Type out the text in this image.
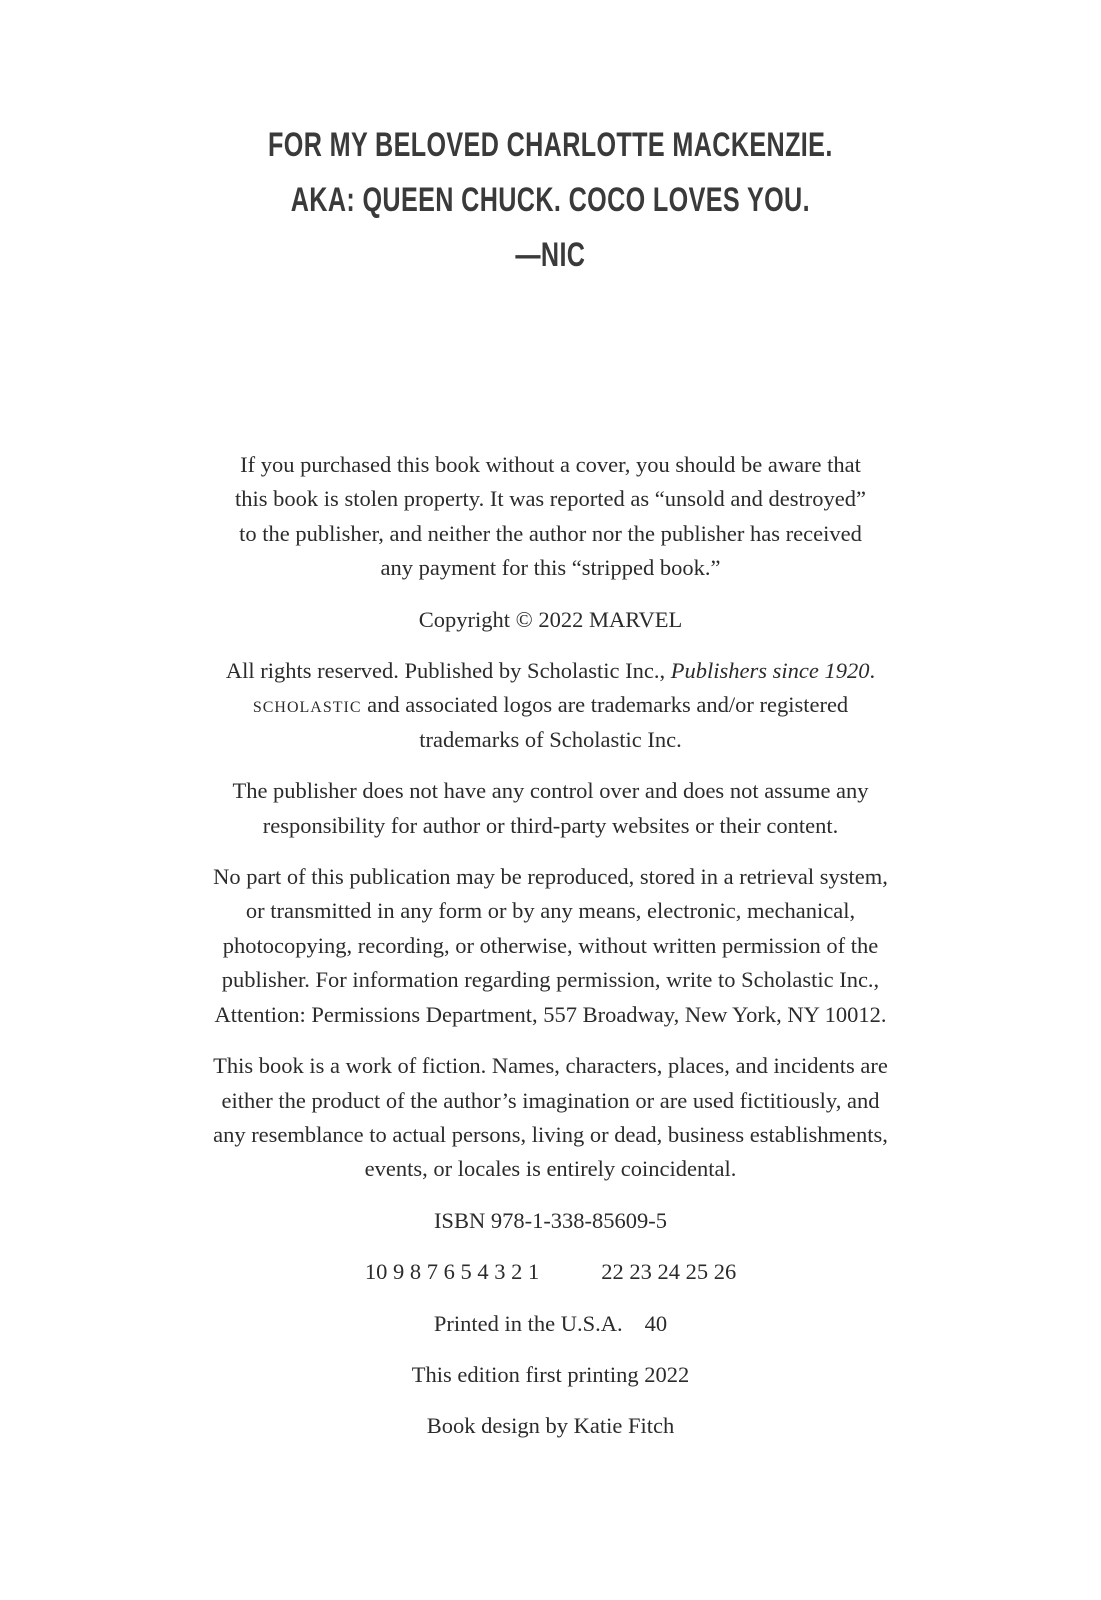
FOR MY BELOVED CHARLOTTE MACKENZIE.
AKA: QUEEN CHUCK. COCO LOVES YOU.
—NIC
If you purchased this book without a cover, you should be aware that
this book is stolen property. It was reported as “unsold and destroyed”
to the publisher, and neither the author nor the publisher has received
any payment for this “stripped book.”
Copyright © 2022 MARVEL
All rights reserved. Published by Scholastic Inc., Publishers since 1920.
scholastic and associated logos are trademarks and/or registered
trademarks of Scholastic Inc.
The publisher does not have any control over and does not assume any
responsibility for author or third-party websites or their content.
No part of this publication may be reproduced, stored in a retrieval system,
or transmitted in any form or by any means, electronic, mechanical,
photocopying, recording, or otherwise, without written permission of the
publisher. For information regarding permission, write to Scholastic Inc.,
Attention: Permissions Department, 557 Broadway, New York, NY 10012.
This book is a work of fiction. Names, characters, places, and incidents are
either the product of the author’s imagination or are used fictitiously, and
any resemblance to actual persons, living or dead, business establishments,
events, or locales is entirely coincidental.
ISBN 978-1-338-85609-5
10 9 8 7 6 5 4 3 2 1	22 23 24 25 26
Printed in the U.S.A. 40
This edition first printing 2022
Book design by Katie Fitch
